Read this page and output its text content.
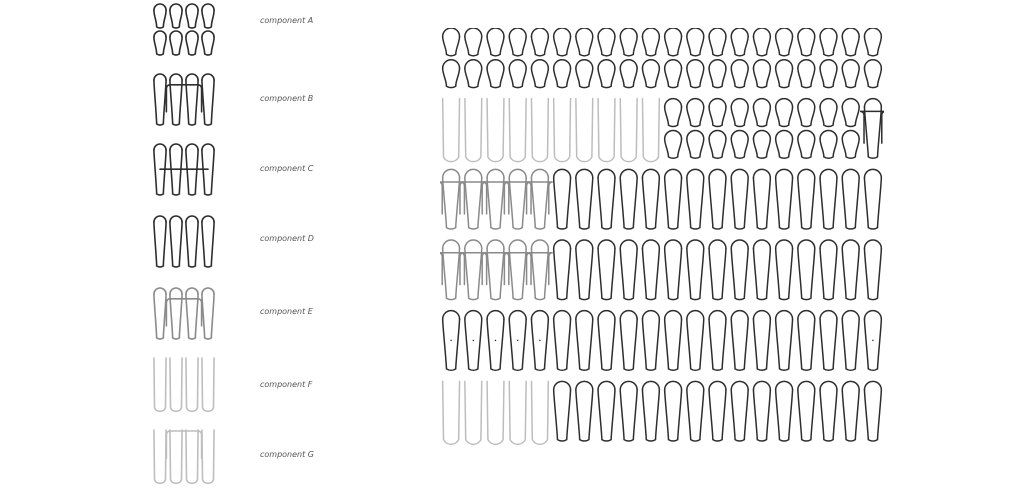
component A
component B
component C
component D
component E
component F
component G
